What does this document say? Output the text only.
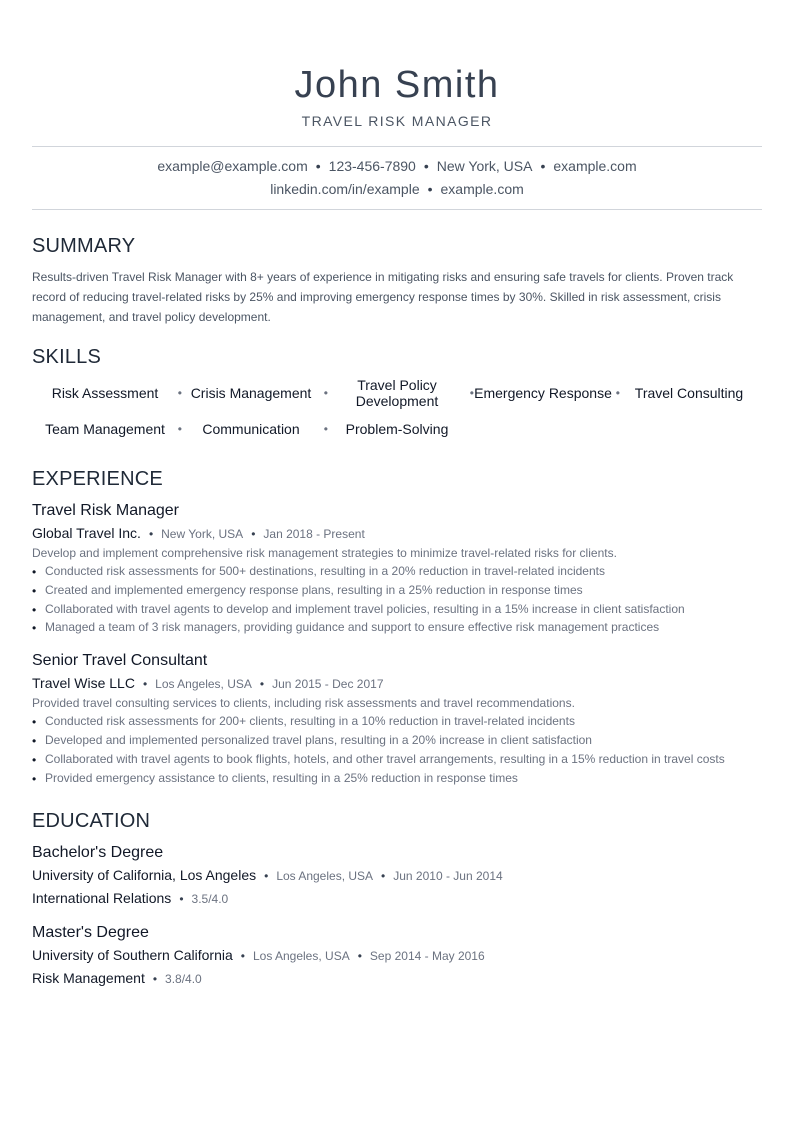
John Smith
TRAVEL RISK MANAGER
example@example.com • 123-456-7890 • New York, USA • example.com
linkedin.com/in/example • example.com
SUMMARY
Results-driven Travel Risk Manager with 8+ years of experience in mitigating risks and ensuring safe travels for clients. Proven track record of reducing travel-related risks by 25% and improving emergency response times by 30%. Skilled in risk assessment, crisis management, and travel policy development.
SKILLS
Risk Assessment •	Crisis Management •	Travel Policy Development •	Emergency Response •	Travel Consulting
Team Management •	Communication •	Problem-Solving
EXPERIENCE
Travel Risk Manager
Global Travel Inc. • New York, USA • Jan 2018 - Present
Develop and implement comprehensive risk management strategies to minimize travel-related risks for clients.
• Conducted risk assessments for 500+ destinations, resulting in a 20% reduction in travel-related incidents
• Created and implemented emergency response plans, resulting in a 25% reduction in response times
• Collaborated with travel agents to develop and implement travel policies, resulting in a 15% increase in client satisfaction
• Managed a team of 3 risk managers, providing guidance and support to ensure effective risk management practices
Senior Travel Consultant
Travel Wise LLC • Los Angeles, USA • Jun 2015 - Dec 2017
Provided travel consulting services to clients, including risk assessments and travel recommendations.
• Conducted risk assessments for 200+ clients, resulting in a 10% reduction in travel-related incidents
• Developed and implemented personalized travel plans, resulting in a 20% increase in client satisfaction
• Collaborated with travel agents to book flights, hotels, and other travel arrangements, resulting in a 15% reduction in travel costs
• Provided emergency assistance to clients, resulting in a 25% reduction in response times
EDUCATION
Bachelor's Degree
University of California, Los Angeles • Los Angeles, USA • Jun 2010 - Jun 2014
International Relations • 3.5/4.0
Master's Degree
University of Southern California • Los Angeles, USA • Sep 2014 - May 2016
Risk Management • 3.8/4.0
